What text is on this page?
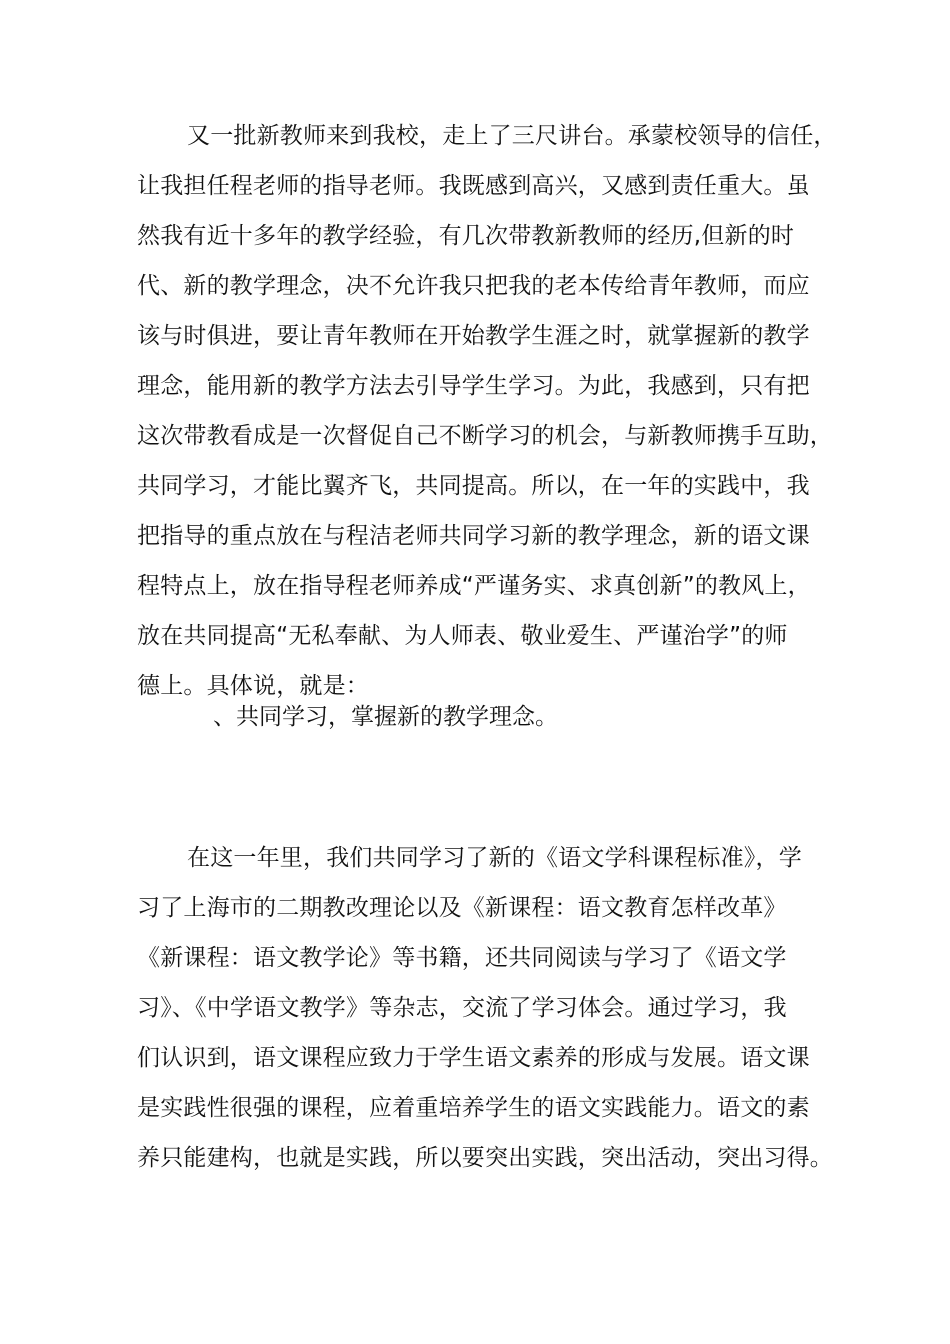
又一批新教师来到我校，走上了三尺讲台。承蒙校领导的信任，
让我担任程老师的指导老师。我既感到高兴，又感到责任重大。虽
然我有近十多年的教学经验，有几次带教新教师的经历,但新的时
代、新的教学理念，决不允许我只把我的老本传给青年教师，而应
该与时俱进，要让青年教师在开始教学生涯之时，就掌握新的教学
理念，能用新的教学方法去引导学生学习。为此，我感到，只有把
这次带教看成是一次督促自己不断学习的机会，与新教师携手互助，
共同学习，才能比翼齐飞，共同提高。所以，在一年的实践中，我
把指导的重点放在与程洁老师共同学习新的教学理念，新的语文课
程特点上，放在指导程老师养成“严谨务实、求真创新”的教风上，
放在共同提高“无私奉献、为人师表、敬业爱生、严谨治学”的师
德上。具体说，就是：
、共同学习，掌握新的教学理念。
在这一年里，我们共同学习了新的《语文学科课程标准》，学
习了上海市的二期教改理论以及《新课程：语文教育怎样改革》
《新课程：语文教学论》等书籍，还共同阅读与学习了《语文学
习》、《中学语文教学》等杂志，交流了学习体会。通过学习，我
们认识到，语文课程应致力于学生语文素养的形成与发展。语文课
是实践性很强的课程，应着重培养学生的语文实践能力。语文的素
养只能建构，也就是实践，所以要突出实践，突出活动，突出习得。
